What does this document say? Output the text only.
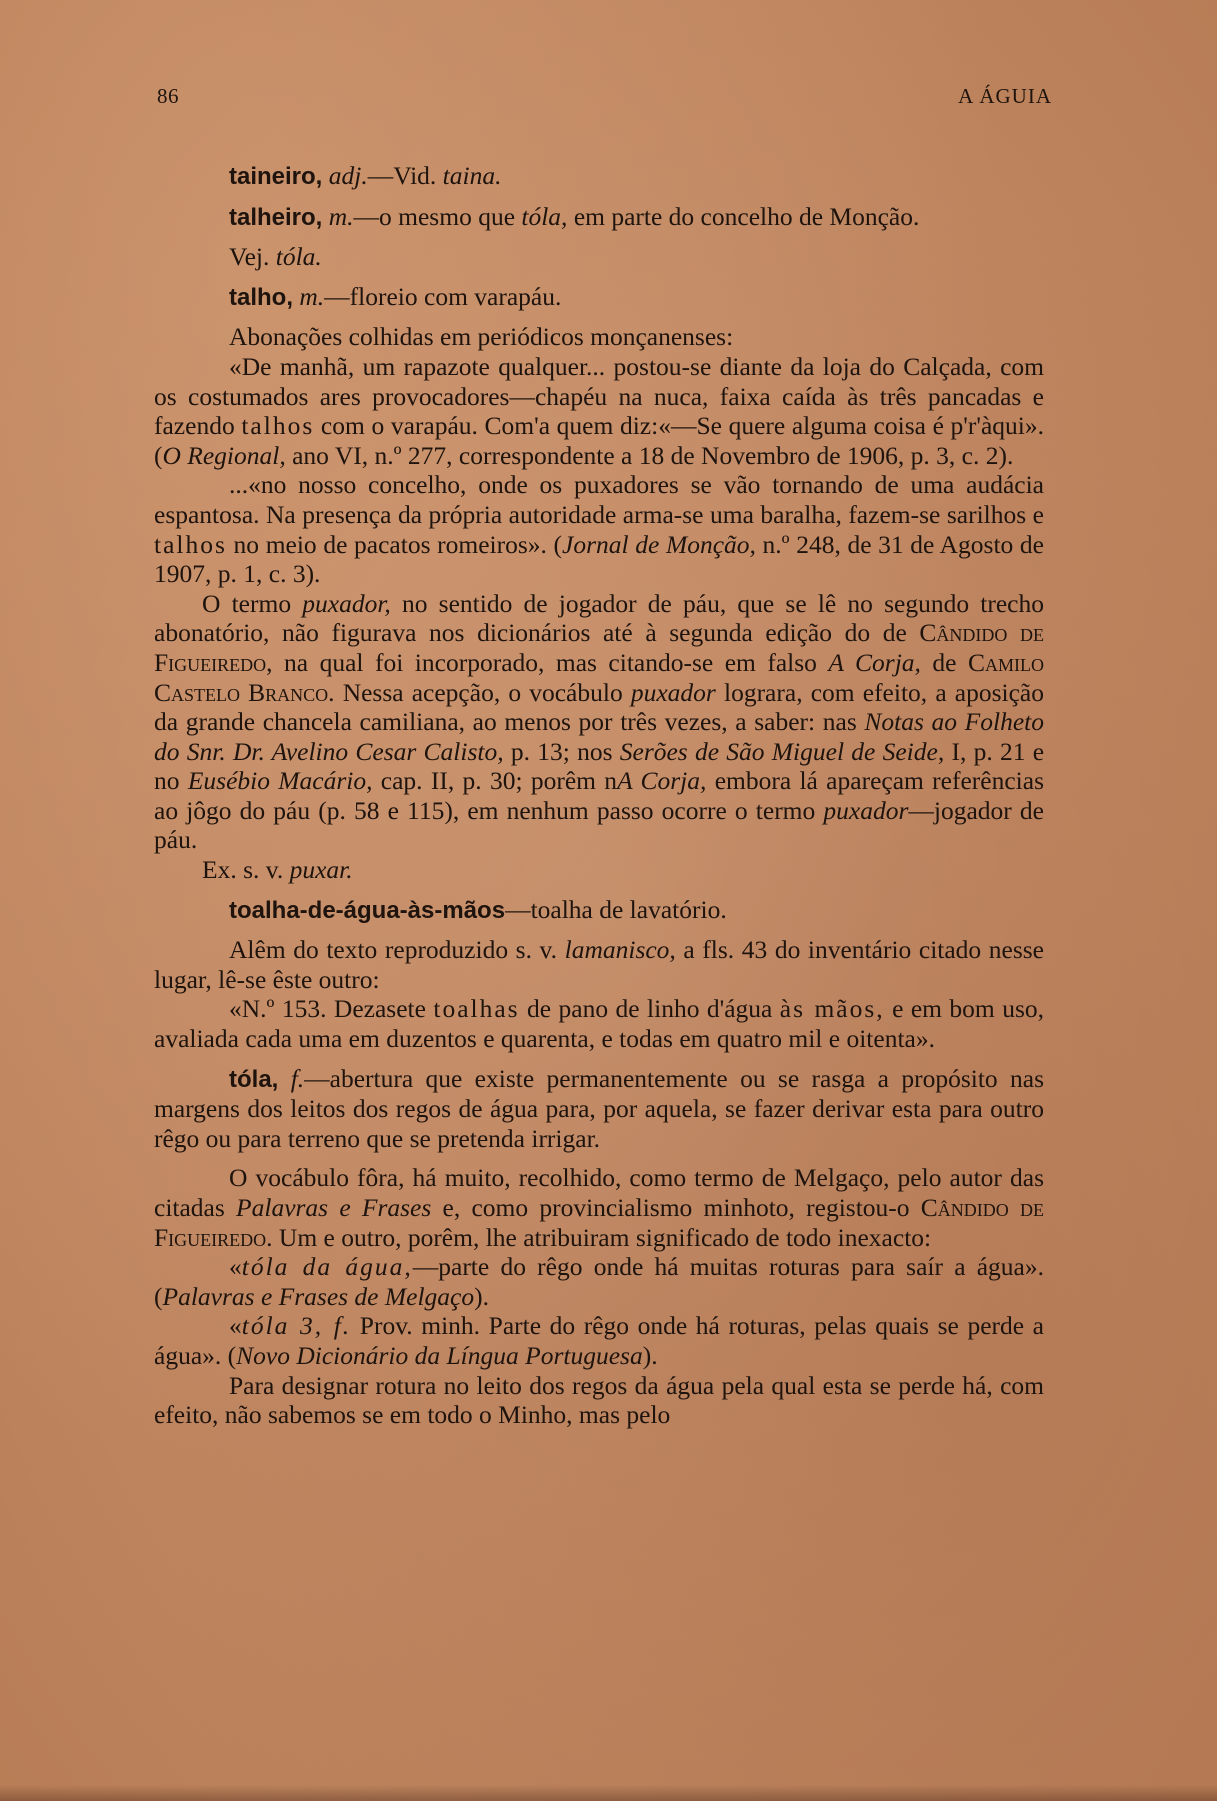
86	A ÁGUIA

taineiro, adj.—Vid. taina.

talheiro, m.—o mesmo que tóla, em parte do concelho de Monção.

Vej. tóla.

talho, m.—floreio com varapáu.

Abonações colhidas em periódicos monçanenses:

«De manhã, um rapazote qualquer... postou-se diante da loja do Calçada, com os costumados ares provocadores—chapéu na nuca, faixa caída às três pancadas e fazendo talhos com o varapáu. Com'a quem diz:«—Se quere alguma coisa é p'r'àqui». (O Regional, ano VI, n.º 277, correspondente a 18 de Novembro de 1906, p. 3, c. 2).

...«no nosso concelho, onde os puxadores se vão tornando de uma audácia espantosa. Na presença da própria autoridade arma-se uma baralha, fazem-se sarilhos e talhos no meio de pacatos romeiros». (Jornal de Monção, n.º 248, de 31 de Agosto de 1907, p. 1, c. 3).

O termo puxador, no sentido de jogador de páu, que se lê no segundo trecho abonatório, não figurava nos dicionários até à segunda edição do de Cândido de Figueiredo, na qual foi incorporado, mas citando-se em falso A Corja, de Camilo Castelo Branco. Nessa acepção, o vocábulo puxador lograra, com efeito, a aposição da grande chancela camiliana, ao menos por três vezes, a saber: nas Notas ao Folheto do Snr. Dr. Avelino Cesar Calisto, p. 13; nos Serões de São Miguel de Seide, I, p. 21 e no Eusébio Macário, cap. II, p. 30; porêm nA Corja, embora lá apareçam referências ao jôgo do páu (p. 58 e 115), em nenhum passo ocorre o termo puxador—jogador de páu.

Ex. s. v. puxar.

toalha-de-água-às-mãos—toalha de lavatório.

Alêm do texto reproduzido s. v. lamanisco, a fls. 43 do inventário citado nesse lugar, lê-se êste outro:

«N.º 153. Dezasete toalhas de pano de linho d'água às mãos, e em bom uso, avaliada cada uma em duzentos e quarenta, e todas em quatro mil e oitenta».

tóla, f.—abertura que existe permanentemente ou se rasga a propósito nas margens dos leitos dos regos de água para, por aquela, se fazer derivar esta para outro rêgo ou para terreno que se pretenda irrigar.

O vocábulo fôra, há muito, recolhido, como termo de Melgaço, pelo autor das citadas Palavras e Frases e, como provincialismo minhoto, registou-o Cândido de Figueiredo. Um e outro, porêm, lhe atribuiram significado de todo inexacto:

«tóla da água,—parte do rêgo onde há muitas roturas para saír a água». (Palavras e Frases de Melgaço).

«tóla 3, f. Prov. minh. Parte do rêgo onde há roturas, pelas quais se perde a água». (Novo Dicionário da Língua Portuguesa).

Para designar rotura no leito dos regos da água pela qual esta se perde há, com efeito, não sabemos se em todo o Minho, mas pelo
